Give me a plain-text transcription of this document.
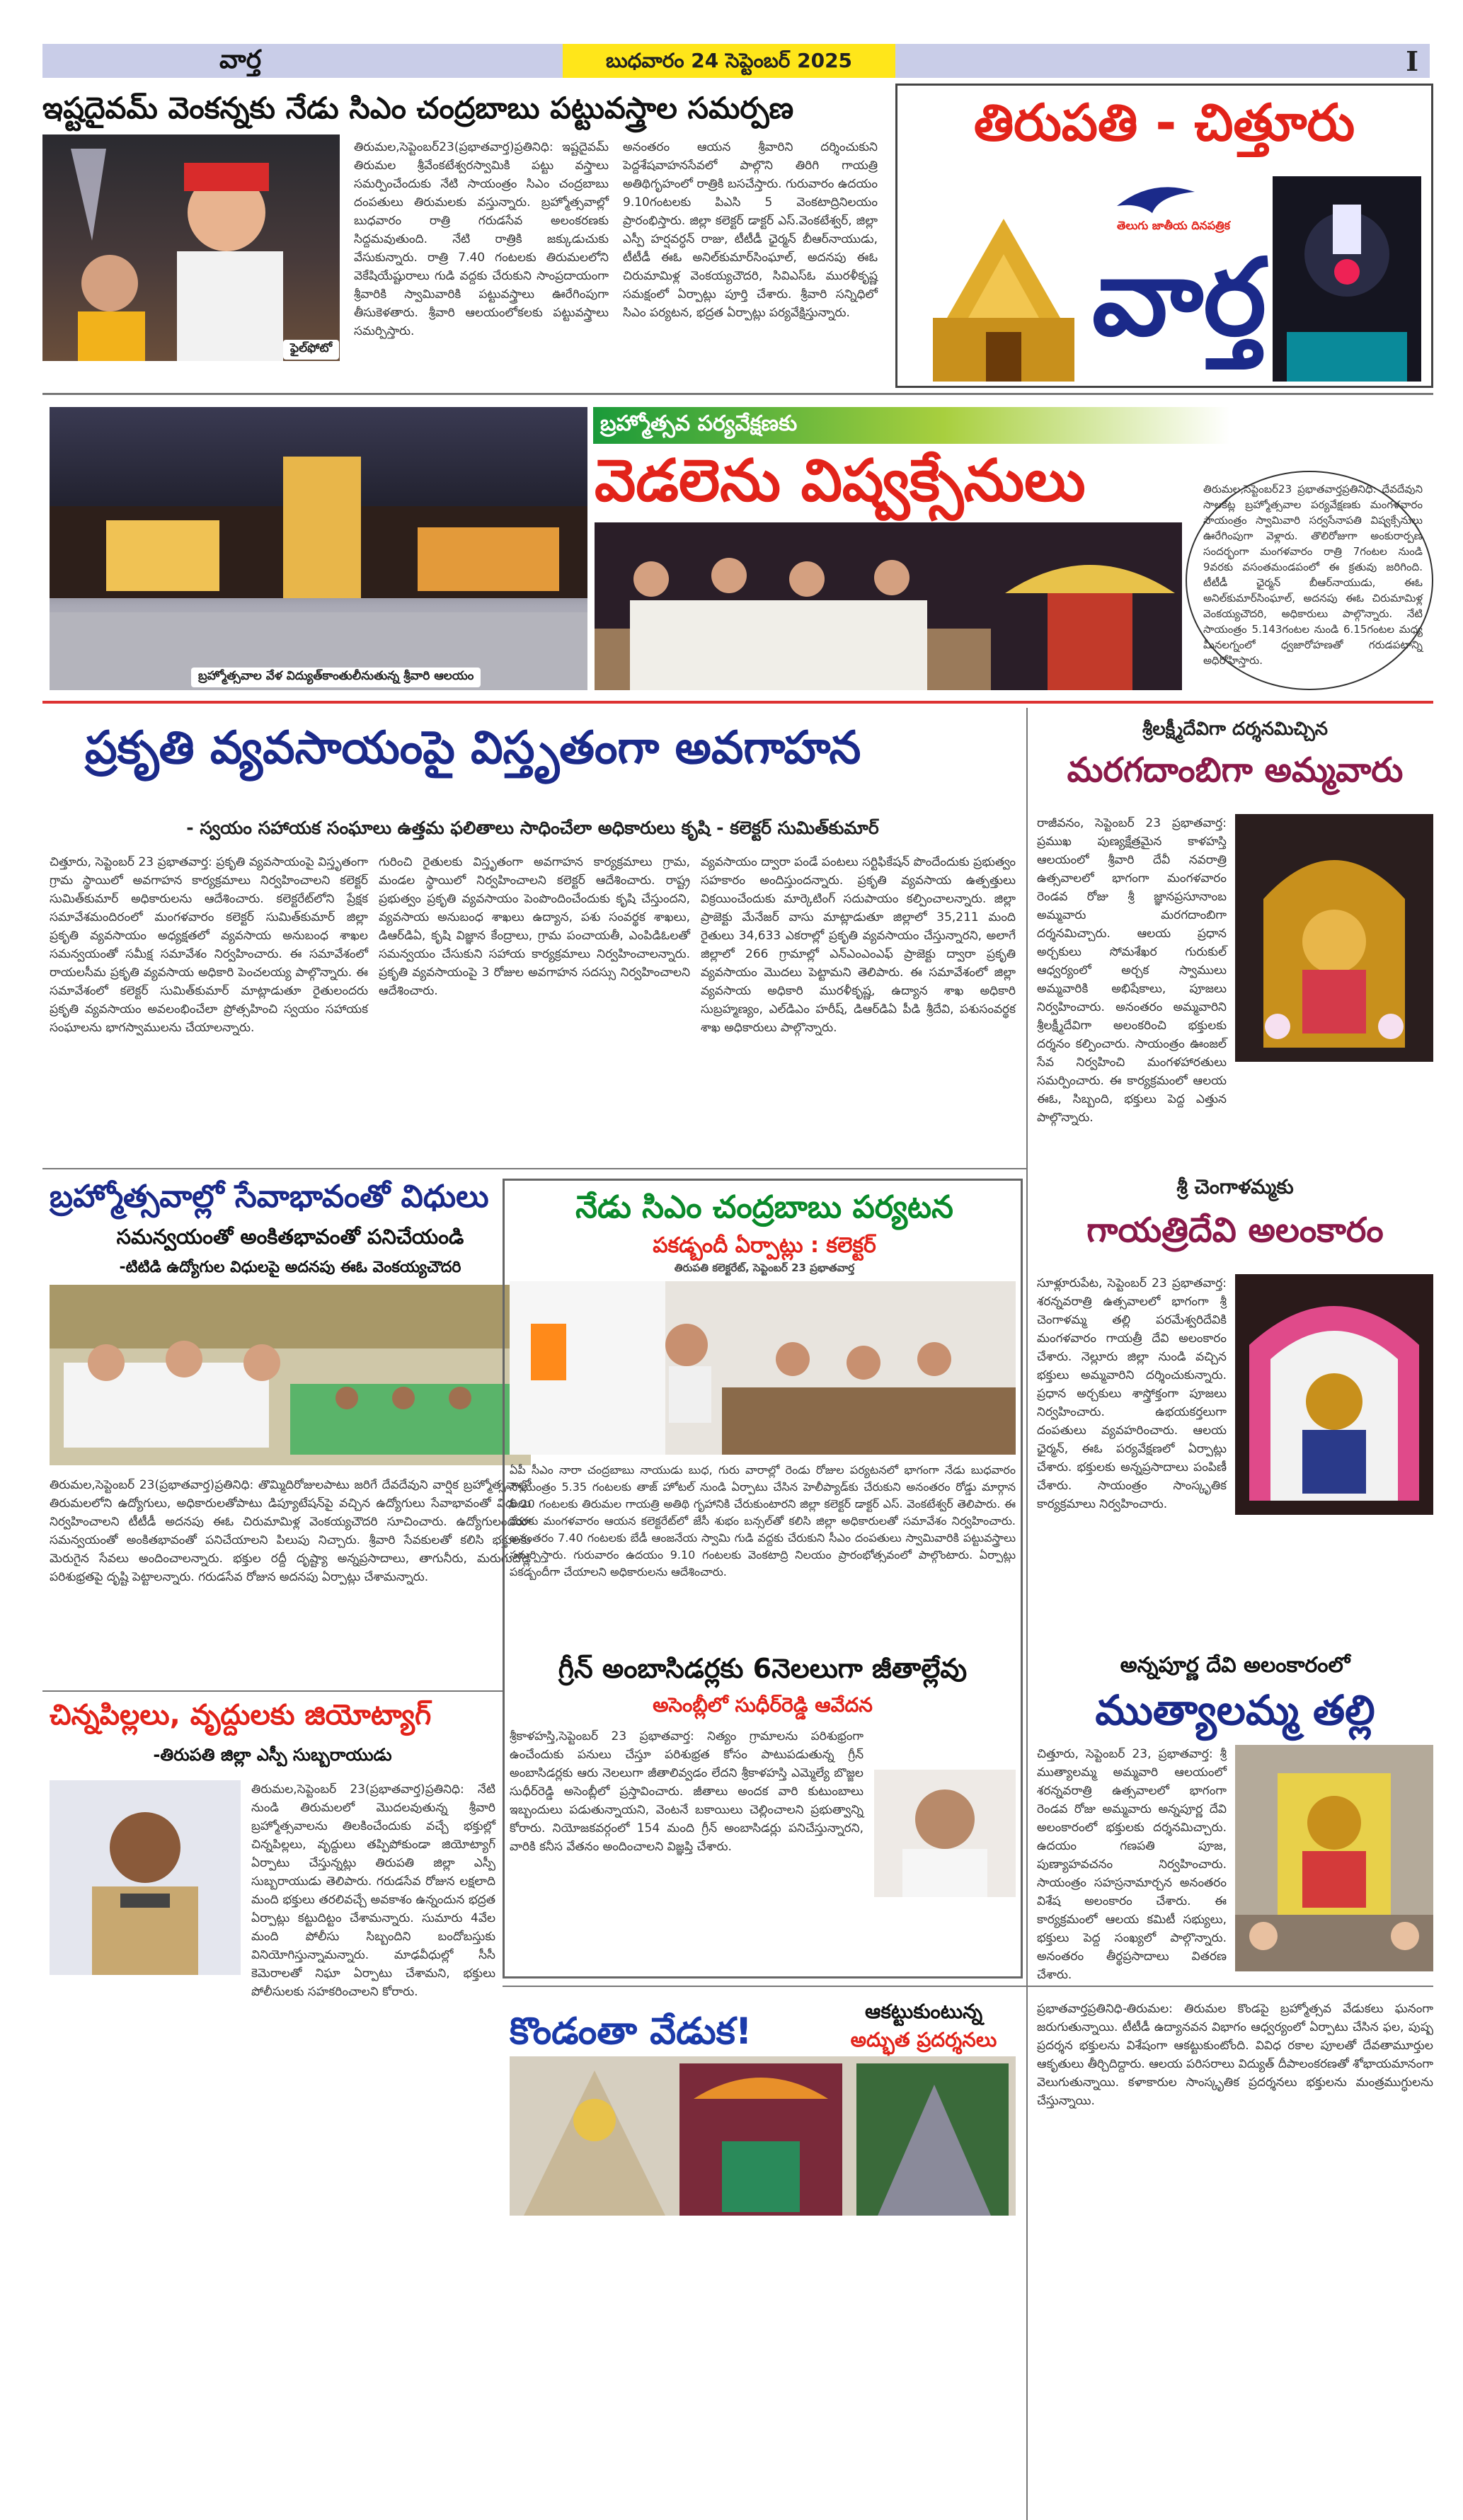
వార్త	బుధవారం 24 సెప్టెంబర్ 2025	I
ఇష్టదైవమ్ వెంకన్నకు నేడు సిఎం చంద్రబాబు పట్టువస్త్రాల సమర్పణ
ఫైల్‌ఫోటో
తిరుమల,సెప్టెంబర్23(ప్రభాతవార్త)ప్రతినిధి: ఇష్టదైవమ్ తిరుమల శ్రీవేంకటేశ్వరస్వామికి పట్టు వస్త్రాలు సమర్పించేందుకు నేటి సాయంత్రం సిఎం చంద్రబాబు దంపతులు తిరుమలకు వస్తున్నారు. బ్రహ్మోత్సవాల్లో బుధవారం రాత్రి గరుడసేవ అలంకరణకు సిద్దమవుతుంది. నేటి రాత్రికి జక్కుడుచుకు వేసుకున్నారు. రాత్రి 7.40 గంటలకు తిరుమలలోని వెకేషియేష్టురాలు గుడి వద్దకు చేరుకుని సాంప్రదాయంగా శ్రీవారికి స్వామివారికి పట్టువస్త్రాలు ఊరేగింపుగా తీసుకెళతారు. శ్రీవారి ఆలయంలోకలకు పట్టువస్త్రాలు సమర్పిస్తారు.
అనంతరం ఆయన శ్రీవారిని దర్శించుకుని పెద్దశేషవాహనసేవలో పాల్గొని తిరిగి గాయత్రి అతిథిగృహంలో రాత్రికి బసచేస్తారు. గురువారం ఉదయం 9.10గంటలకు పిఎసి 5 వెంకటాద్రినిలయం ప్రారంభిస్తారు. జిల్లా కలెక్టర్ డాక్టర్ ఎస్.వెంకటేశ్వర్, జిల్లా ఎస్పీ హర్షవర్ధన్ రాజు, టీటీడీ ఛైర్మన్ బీఆర్‌నాయుడు, టీటీడీ ఈఓ అనిల్‌కుమార్‌సింఘాల్, అదనపు ఈఓ చిరుమామిళ్ల వెంకయ్యచౌదరి, సివిఎస్‌ఓ మురళీకృష్ణ సమక్షంలో ఏర్పాట్లు పూర్తి చేశారు. శ్రీవారి సన్నిధిలో సిఎం పర్యటన, భద్రత ఏర్పాట్లు పర్యవేక్షిస్తున్నారు.
తిరుపతి - చిత్తూరు
తెలుగు జాతీయ దినపత్రిక
వార్త
బ్రహ్మోత్సవాల వేళ విద్యుత్‌కాంతులీనుతున్న శ్రీవారి ఆలయం
బ్రహ్మోత్సవ పర్యవేక్షణకు
వెడలెను విష్వక్సేనులు	తిరుమల,సెప్టెంబర్23 ప్రభాతవార్తప్రతినిధి: దేవదేవుని సాలకట్ల బ్రహ్మోత్సవాల పర్యవేక్షణకు మంగళవారం సాయంత్రం స్వామివారి సర్వసేనాపతి విష్వక్సేనులు ఊరేగింపుగా వెళ్లారు. తొలిరోజుగా అంకురార్పణ సందర్భంగా మంగళవారం రాత్రి 7గంటల నుండి 9వరకు వసంతమండపంలో ఈ క్రతువు జరిగింది. టీటీడీ ఛైర్మన్ బీఆర్‌నాయుడు, ఈఓ అనిల్‌కుమార్‌సింఘాల్, అదనపు ఈఓ చిరుమామిళ్ల వెంకయ్యచౌదరి, అధికారులు పాల్గొన్నారు. నేటి సాయంత్రం 5.143గంటల నుండి 6.15గంటల మధ్య మీనలగ్నంలో ధ్వజారోహణతో గరుడపటాన్ని అధిరోహిస్తారు.
ప్రకృతి వ్యవసాయంపై విస్తృతంగా అవగాహన
- స్వయం సహాయక సంఘాలు ఉత్తమ ఫలితాలు సాధించేలా అధికారులు కృషి - కలెక్టర్ సుమిత్‌కుమార్
చిత్తూరు, సెప్టెంబర్ 23 ప్రభాతవార్త: ప్రకృతి వ్యవసాయంపై విస్తృతంగా గ్రామ స్థాయిలో అవగాహన కార్యక్రమాలు నిర్వహించాలని కలెక్టర్ సుమిత్‌కుమార్ అధికారులను ఆదేశించారు. కలెక్టరేట్‌లోని ప్రేక్షక సమావేశమందిరంలో మంగళవారం కలెక్టర్ సుమిత్‌కుమార్ జిల్లా ప్రకృతి వ్యవసాయం అధ్యక్షతలో వ్యవసాయ అనుబంధ శాఖల సమన్వయంతో సమీక్ష సమావేశం నిర్వహించారు. ఈ సమావేశంలో రాయలసీమ ప్రకృతి వ్యవసాయ అధికారి పెంచలయ్య పాల్గొన్నారు. ఈ సమావేశంలో కలెక్టర్ సుమిత్‌కుమార్ మాట్లాడుతూ రైతులందరు ప్రకృతి వ్యవసాయం అవలంభించేలా ప్రోత్సహించి స్వయం సహాయక సంఘాలను భాగస్వాములను చేయాలన్నారు.
గురించి రైతులకు విస్తృతంగా అవగాహన కార్యక్రమాలు గ్రామ, మండల స్థాయిలో నిర్వహించాలని కలెక్టర్ ఆదేశించారు. రాష్ట్ర ప్రభుత్వం ప్రకృతి వ్యవసాయం పెంపొందించేందుకు కృషి చేస్తుందని, వ్యవసాయ అనుబంధ శాఖలు ఉద్యాన, పశు సంవర్థక శాఖలు, డిఆర్‌డిఏ, కృషి విజ్ఞాన కేంద్రాలు, గ్రామ పంచాయతీ, ఎంపిడిఓలతో సమన్వయం చేసుకుని సహాయ కార్యక్రమాలు నిర్వహించాలన్నారు. ప్రకృతి వ్యవసాయంపై 3 రోజుల అవగాహన సదస్సు నిర్వహించాలని ఆదేశించారు.
వ్యవసాయం ద్వారా పండే పంటలు సర్టిఫికేషన్ పొందేందుకు ప్రభుత్వం సహకారం అందిస్తుందన్నారు. ప్రకృతి వ్యవసాయ ఉత్పత్తులు విక్రయించేందుకు మార్కెటింగ్ సదుపాయం కల్పించాలన్నారు. జిల్లా ప్రాజెక్టు మేనేజర్ వాసు మాట్లాడుతూ జిల్లాలో 35,211 మంది రైతులు 34,633 ఎకరాల్లో ప్రకృతి వ్యవసాయం చేస్తున్నారని, అలాగే జిల్లాలో 266 గ్రామాల్లో ఎన్‌ఎంఎంఎఫ్ ప్రాజెక్టు ద్వారా ప్రకృతి వ్యవసాయం మొదలు పెట్టామని తెలిపారు. ఈ సమావేశంలో జిల్లా వ్యవసాయ అధికారి మురళీకృష్ణ, ఉద్యాన శాఖ అధికారి సుబ్రహ్మణ్యం, ఎల్‌డిఎం హరీష్, డిఆర్‌డిఏ పీడి శ్రీదేవి, పశుసంవర్థక శాఖ అధికారులు పాల్గొన్నారు.
శ్రీలక్ష్మీదేవిగా దర్శనమిచ్చిన
మరగదాంబిగా అమ్మవారు
రాజీవనం, సెప్టెంబర్ 23 ప్రభాతవార్త: ప్రముఖ పుణ్యక్షేత్రమైన కాళహస్తి ఆలయంలో శ్రీవారి దేవీ నవరాత్రి ఉత్సవాలలో భాగంగా మంగళవారం రెండవ రోజు శ్రీ జ్ఞానప్రసూనాంబ అమ్మవారు మరగదాంబిగా దర్శనమిచ్చారు. ఆలయ ప్రధాన అర్చకులు సోమశేఖర గురుకుల్ ఆధ్వర్యంలో అర్చక స్వాములు అమ్మవారికి అభిషేకాలు, పూజలు నిర్వహించారు. అనంతరం అమ్మవారిని శ్రీలక్ష్మీదేవిగా అలంకరించి భక్తులకు దర్శనం కల్పించారు. సాయంత్రం ఊంజల్ సేవ నిర్వహించి మంగళహారతులు సమర్పించారు. ఈ కార్యక్రమంలో ఆలయ ఈఓ, సిబ్బంది, భక్తులు పెద్ద ఎత్తున పాల్గొన్నారు.
బ్రహ్మోత్సవాల్లో సేవాభావంతో విధులు
సమన్వయంతో అంకితభావంతో పనిచేయండి
-టిటిడి ఉద్యోగుల విధులపై అదనపు ఈఓ వెంకయ్యచౌదరి
తిరుమల,సెప్టెంబర్ 23(ప్రభాతవార్త)ప్రతినిధి: తొమ్మిదిరోజులపాటు జరిగే దేవదేవుని వార్షిక బ్రహ్మోత్సవాల్లో తిరుమలలోని ఉద్యోగులు, అధికారులతోపాటు డిప్యూటేషన్‌పై వచ్చిన ఉద్యోగులు సేవాభావంతో విధులు నిర్వహించాలని టీటీడీ అదనపు ఈఓ చిరుమామిళ్ల వెంకయ్యచౌదరి సూచించారు. ఉద్యోగులందరూ సమన్వయంతో అంకితభావంతో పనిచేయాలని పిలుపు నిచ్చారు. శ్రీవారి సేవకులతో కలిసి భక్తులకు మెరుగైన సేవలు అందించాలన్నారు. భక్తుల రద్దీ దృష్ట్యా అన్నప్రసాదాలు, తాగునీరు, మరుగుదొడ్ల పరిశుభ్రతపై దృష్టి పెట్టాలన్నారు. గరుడసేవ రోజున అదనపు ఏర్పాట్లు చేశామన్నారు.
నేడు సిఎం చంద్రబాబు పర్యటన
పకడ్బందీ ఏర్పాట్లు : కలెక్టర్
తిరుపతి కలెక్టరేట్, సెప్టెంబర్ 23 ప్రభాతవార్త
ఏపీ సీఎం నారా చంద్రబాబు నాయుడు బుధ, గురు వారాల్లో రెండు రోజుల పర్యటనలో భాగంగా నేడు బుధవారం సాయంత్రం 5.35 గంటలకు తాజ్ హోటల్ నుండి ఏర్పాటు చేసిన హెలీప్యాడ్‌కు చేరుకుని అనంతరం రోడ్డు మార్గాన 6.20 గంటలకు తిరుమల గాయత్రి అతిథి గృహానికి చేరుకుంటారని జిల్లా కలెక్టర్ డాక్టర్ ఎస్. వెంకటేశ్వర్ తెలిపారు. ఈ మేరకు మంగళవారం ఆయన కలెక్టరేట్‌లో జేసీ శుభం బన్సల్‌తో కలిసి జిల్లా అధికారులతో సమావేశం నిర్వహించారు. అనంతరం 7.40 గంటలకు బేడీ ఆంజనేయ స్వామి గుడి వద్దకు చేరుకుని సీఎం దంపతులు స్వామివారికి పట్టువస్త్రాలు సమర్పిస్తారు. గురువారం ఉదయం 9.10 గంటలకు వెంకటాద్రి నిలయం ప్రారంభోత్సవంలో పాల్గొంటారు. ఏర్పాట్లు పకడ్బందీగా చేయాలని అధికారులను ఆదేశించారు.
గ్రీన్ అంబాసిడర్లకు 6నెలలుగా జీతాల్లేవు
అసెంబ్లీలో సుధీర్‌రెడ్డి ఆవేదన
శ్రీకాళహస్తి,సెప్టెంబర్ 23 ప్రభాతవార్త: నిత్యం గ్రామాలను పరిశుభ్రంగా ఉంచేందుకు పనులు చేస్తూ పరిశుభ్రత కోసం పాటుపడుతున్న గ్రీన్ అంబాసిడర్లకు ఆరు నెలలుగా జీతాలివ్వడం లేదని శ్రీకాళహస్తి ఎమ్మెల్యే బొజ్జల సుధీర్‌రెడ్డి అసెంబ్లీలో ప్రస్తావించారు. జీతాలు అందక వారి కుటుంబాలు ఇబ్బందులు పడుతున్నాయని, వెంటనే బకాయిలు చెల్లించాలని ప్రభుత్వాన్ని కోరారు. నియోజకవర్గంలో 154 మంది గ్రీన్ అంబాసిడర్లు పనిచేస్తున్నారని, వారికి కనీస వేతనం అందించాలని విజ్ఞప్తి చేశారు.
చిన్నపిల్లలు, వృద్దులకు జియోట్యాగ్
-తిరుపతి జిల్లా ఎస్పీ సుబ్బరాయుడు
తిరుమల,సెప్టెంబర్ 23(ప్రభాతవార్త)ప్రతినిధి: నేటి నుండి తిరుమలలో మొదలవుతున్న శ్రీవారి బ్రహ్మోత్సవాలను తిలకించేందుకు వచ్చే భక్తుల్లో చిన్నపిల్లలు, వృద్దులు తప్పిపోకుండా జియోట్యాగ్ ఏర్పాటు చేస్తున్నట్లు తిరుపతి జిల్లా ఎస్పీ సుబ్బరాయుడు తెలిపారు. గరుడసేవ రోజున లక్షలాది మంది భక్తులు తరలివచ్చే అవకాశం ఉన్నందున భద్రత ఏర్పాట్లు కట్టుదిట్టం చేశామన్నారు. సుమారు 4వేల మంది పోలీసు సిబ్బందిని బందోబస్తుకు వినియోగిస్తున్నామన్నారు. మాఢవీధుల్లో సీసీ కెమెరాలతో నిఘా ఏర్పాటు చేశామని, భక్తులు పోలీసులకు సహకరించాలని కోరారు.
శ్రీ చెంగాళమ్మకు
గాయత్రిదేవి అలంకారం
సూళ్లూరుపేట, సెప్టెంబర్ 23 ప్రభాతవార్త: శరన్నవరాత్రి ఉత్సవాలలో భాగంగా శ్రీ చెంగాళమ్మ తల్లి పరమేశ్వరిదేవికి మంగళవారం గాయత్రీ దేవి అలంకారం చేశారు. నెల్లూరు జిల్లా నుండి వచ్చిన భక్తులు అమ్మవారిని దర్శించుకున్నారు. ప్రధాన అర్చకులు శాస్త్రోక్తంగా పూజలు నిర్వహించారు. ఉభయకర్తలుగా దంపతులు వ్యవహరించారు. ఆలయ ఛైర్మన్, ఈఓ పర్యవేక్షణలో ఏర్పాట్లు చేశారు. భక్తులకు అన్నప్రసాదాలు పంపిణీ చేశారు. సాయంత్రం సాంస్కృతిక కార్యక్రమాలు నిర్వహించారు.
అన్నపూర్ణ దేవి అలంకారంలో
ముత్యాలమ్మ తల్లి
చిత్తూరు, సెప్టెంబర్ 23, ప్రభాతవార్త: శ్రీ ముత్యాలమ్మ అమ్మవారి ఆలయంలో శరన్నవరాత్రి ఉత్సవాలలో భాగంగా రెండవ రోజు అమ్మవారు అన్నపూర్ణ దేవి అలంకారంలో భక్తులకు దర్శనమిచ్చారు. ఉదయం గణపతి పూజ, పుణ్యాహవచనం నిర్వహించారు. సాయంత్రం సహస్రనామార్చన అనంతరం విశేష అలంకారం చేశారు. ఈ కార్యక్రమంలో ఆలయ కమిటీ సభ్యులు, భక్తులు పెద్ద సంఖ్యలో పాల్గొన్నారు. అనంతరం తీర్థప్రసాదాలు వితరణ చేశారు.
కొండంతా వేడుక!	ఆకట్టుకుంటున్న
అద్భుత ప్రదర్శనలు
ప్రభాతవార్తప్రతినిధి-తిరుమల: తిరుమల కొండపై బ్రహ్మోత్సవ వేడుకలు ఘనంగా జరుగుతున్నాయి. టీటీడీ ఉద్యానవన విభాగం ఆధ్వర్యంలో ఏర్పాటు చేసిన ఫల, పుష్ప ప్రదర్శన భక్తులను విశేషంగా ఆకట్టుకుంటోంది. వివిధ రకాల పూలతో దేవతామూర్తుల ఆకృతులు తీర్చిదిద్దారు. ఆలయ పరిసరాలు విద్యుత్ దీపాలంకరణతో శోభాయమానంగా వెలుగుతున్నాయి. కళాకారుల సాంస్కృతిక ప్రదర్శనలు భక్తులను మంత్రముగ్ధులను చేస్తున్నాయి.
